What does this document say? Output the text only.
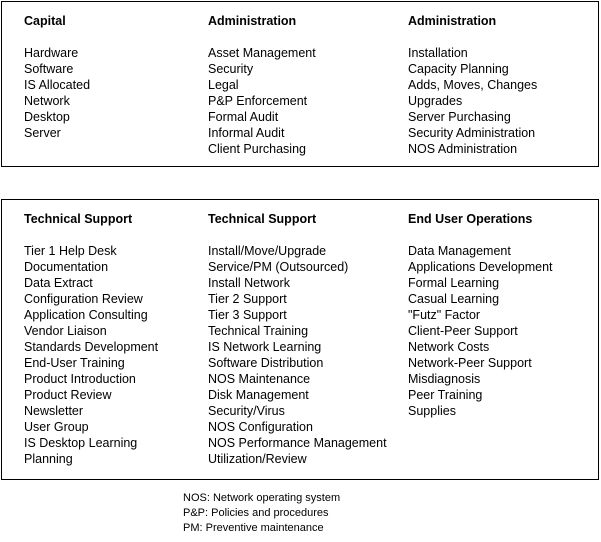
Capital
Hardware
Software
IS Allocated
Network
Desktop
Server
Administration
Asset Management
Security
Legal
P&P Enforcement
Formal Audit
Informal Audit
Client Purchasing
Administration
Installation
Capacity Planning
Adds, Moves, Changes
Upgrades
Server Purchasing
Security Administration
NOS Administration
Technical Support
Tier 1 Help Desk
Documentation
Data Extract
Configuration Review
Application Consulting
Vendor Liaison
Standards Development
End-User Training
Product Introduction
Product Review
Newsletter
User Group
IS Desktop Learning
Planning
Technical Support
Install/Move/Upgrade
Service/PM (Outsourced)
Install Network
Tier 2 Support
Tier 3 Support
Technical Training
IS Network Learning
Software Distribution
NOS Maintenance
Disk Management
Security/Virus
NOS Configuration
NOS Performance Management
Utilization/Review
End User Operations
Data Management
Applications Development
Formal Learning
Casual Learning
"Futz" Factor
Client-Peer Support
Network Costs
Network-Peer Support
Misdiagnosis
Peer Training
Supplies
NOS: Network operating system
P&P: Policies and procedures
PM: Preventive maintenance
